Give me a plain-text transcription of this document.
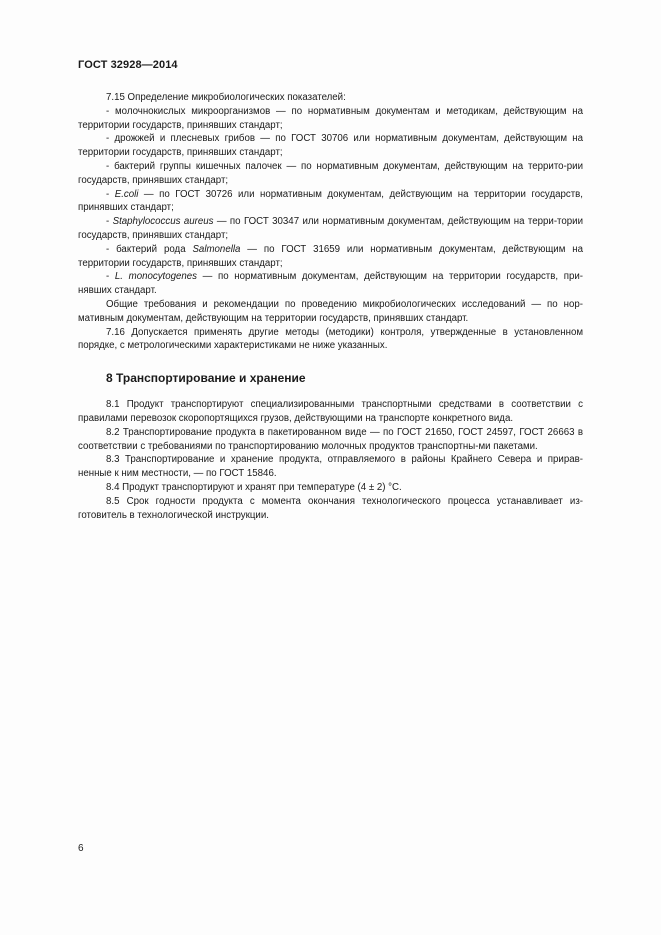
ГОСТ 32928—2014

7.15 Определение микробиологических показателей:

- молочнокислых микроорганизмов — по нормативным документам и методикам, действующим на территории государств, принявших стандарт;

- дрожжей и плесневых грибов — по ГОСТ 30706 или нормативным документам, действующим на территории государств, принявших стандарт;

- бактерий группы кишечных палочек — по нормативным документам, действующим на террито-рии государств, принявших стандарт;

- E.coli — по ГОСТ 30726 или нормативным документам, действующим на территории государств, принявших стандарт;

- Staphylococcus aureus — по ГОСТ 30347 или нормативным документам, действующим на терри-тории государств, принявших стандарт;

- бактерий рода Salmonella — по ГОСТ 31659 или нормативным документам, действующим на территории государств, принявших стандарт;

- L. monocytogenes — по нормативным документам, действующим на территории государств, при-нявших стандарт.

Общие требования и рекомендации по проведению микробиологических исследований — по нор-мативным документам, действующим на территории государств, принявших стандарт.

7.16 Допускается применять другие методы (методики) контроля, утвержденные в установленном порядке, с метрологическими характеристиками не ниже указанных.

8 Транспортирование и хранение

8.1 Продукт транспортируют специализированными транспортными средствами в соответствии с правилами перевозок скоропортящихся грузов, действующими на транспорте конкретного вида.

8.2 Транспортирование продукта в пакетированном виде — по ГОСТ 21650, ГОСТ 24597, ГОСТ 26663 в соответствии с требованиями по транспортированию молочных продуктов транспортны-ми пакетами.

8.3 Транспортирование и хранение продукта, отправляемого в районы Крайнего Севера и прирав-ненные к ним местности, — по ГОСТ 15846.

8.4 Продукт транспортируют и хранят при температуре (4 ± 2) °С.

8.5 Срок годности продукта с момента окончания технологического процесса устанавливает из-готовитель в технологической инструкции.

6
